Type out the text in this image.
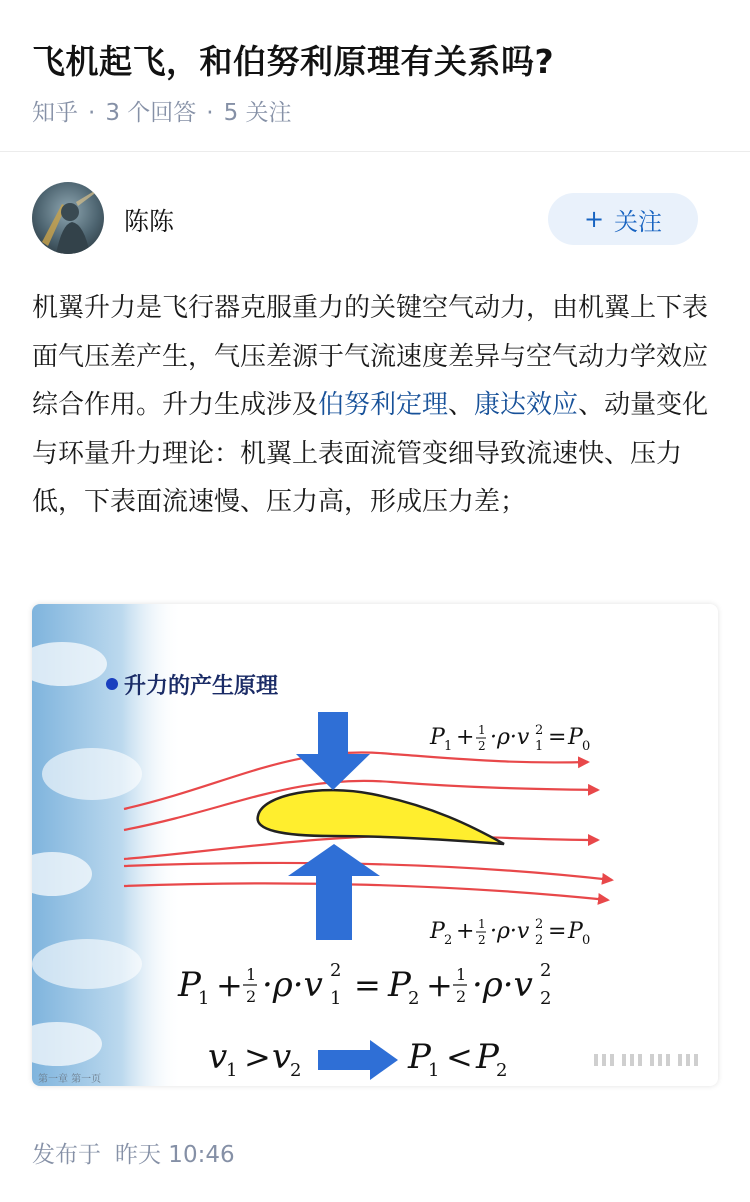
飞机起飞，和伯努利原理有关系吗?
知乎 · 3 个回答 · 5 关注
陈陈	+ 关注
机翼升力是飞行器克服重力的关键空气动力，由机翼上下表面气压差产生，气压差源于气流速度差异与空气动力学效应综合作用。升力生成涉及伯努利定理、康达效应、动量变化与环量升力理论：机翼上表面流管变细导致流速快、压力低，下表面流速慢、压力高，形成压力差；
升力的产生原理
P 1 + 1
2 ·ρ·v 1
2 = P 0
P 2 + 1
2 ·ρ·v 2
2 = P 0
P
1 + 1
2 ·ρ·v 1
2 = P
2 + 1
2 ·ρ·v 2
2
v
1 > v
2	P
1 < P
2
第一章 第一页
发布于 昨天 10:46
